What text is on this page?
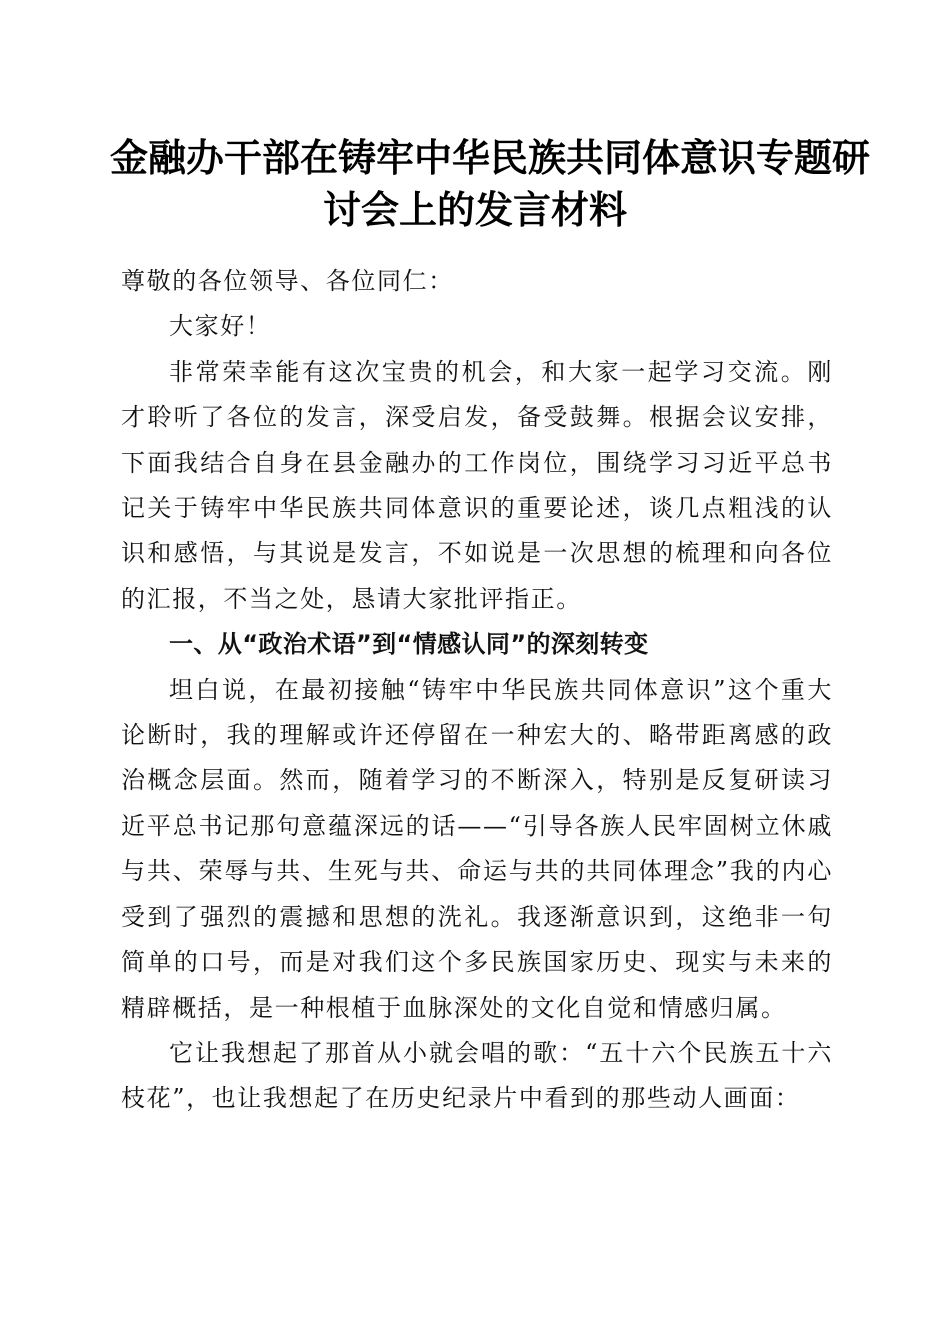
金融办干部在铸牢中华民族共同体意识专题研
讨会上的发言材料

尊敬的各位领导、各位同仁：

大家好！

非常荣幸能有这次宝贵的机会，和大家一起学习交流。刚才聆听了各位的发言，深受启发，备受鼓舞。根据会议安排，下面我结合自身在县金融办的工作岗位，围绕学习习近平总书记关于铸牢中华民族共同体意识的重要论述，谈几点粗浅的认识和感悟，与其说是发言，不如说是一次思想的梳理和向各位的汇报，不当之处，恳请大家批评指正。

一、从“政治术语”到“情感认同”的深刻转变

坦白说，在最初接触“铸牢中华民族共同体意识”这个重大论断时，我的理解或许还停留在一种宏大的、略带距离感的政治概念层面。然而，随着学习的不断深入，特别是反复研读习近平总书记那句意蕴深远的话——“引导各族人民牢固树立休戚与共、荣辱与共、生死与共、命运与共的共同体理念”我的内心受到了强烈的震撼和思想的洗礼。我逐渐意识到，这绝非一句简单的口号，而是对我们这个多民族国家历史、现实与未来的精辟概括，是一种根植于血脉深处的文化自觉和情感归属。

它让我想起了那首从小就会唱的歌：“五十六个民族五十六枝花”，也让我想起了在历史纪录片中看到的那些动人画面：
